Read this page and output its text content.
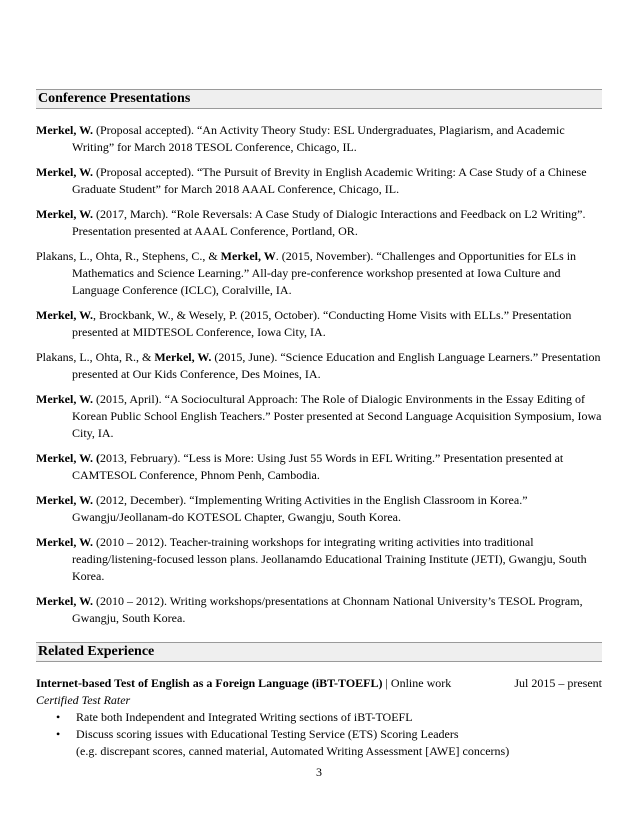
Conference Presentations

Merkel, W. (Proposal accepted). “An Activity Theory Study: ESL Undergraduates, Plagiarism, and Academic Writing” for March 2018 TESOL Conference, Chicago, IL.

Merkel, W. (Proposal accepted). “The Pursuit of Brevity in English Academic Writing: A Case Study of a Chinese Graduate Student” for March 2018 AAAL Conference, Chicago, IL.

Merkel, W. (2017, March). “Role Reversals: A Case Study of Dialogic Interactions and Feedback on L2 Writing”. Presentation presented at AAAL Conference, Portland, OR.

Plakans, L., Ohta, R., Stephens, C., & Merkel, W. (2015, November). “Challenges and Opportunities for ELs in Mathematics and Science Learning.” All-day pre-conference workshop presented at Iowa Culture and Language Conference (ICLC), Coralville, IA.

Merkel, W., Brockbank, W., & Wesely, P. (2015, October). “Conducting Home Visits with ELLs.” Presentation presented at MIDTESOL Conference, Iowa City, IA.

Plakans, L., Ohta, R., & Merkel, W. (2015, June). “Science Education and English Language Learners.” Presentation presented at Our Kids Conference, Des Moines, IA.

Merkel, W. (2015, April). “A Sociocultural Approach: The Role of Dialogic Environments in the Essay Editing of Korean Public School English Teachers.” Poster presented at Second Language Acquisition Symposium, Iowa City, IA.

Merkel, W. (2013, February). “Less is More: Using Just 55 Words in EFL Writing.” Presentation presented at CAMTESOL Conference, Phnom Penh, Cambodia.

Merkel, W. (2012, December). “Implementing Writing Activities in the English Classroom in Korea.” Gwangju/Jeollanam-do KOTESOL Chapter, Gwangju, South Korea.

Merkel, W. (2010 – 2012). Teacher-training workshops for integrating writing activities into traditional reading/listening-focused lesson plans. Jeollanamdo Educational Training Institute (JETI), Gwangju, South Korea.

Merkel, W. (2010 – 2012). Writing workshops/presentations at Chonnam National University’s TESOL Program, Gwangju, South Korea.

Related Experience
Internet-based Test of English as a Foreign Language (iBT-TOEFL) | Online work	Jul 2015 – present
Certified Test Rater
• Rate both Independent and Integrated Writing sections of iBT-TOEFL
• Discuss scoring issues with Educational Testing Service (ETS) Scoring Leaders
(e.g. discrepant scores, canned material, Automated Writing Assessment [AWE] concerns)
3
